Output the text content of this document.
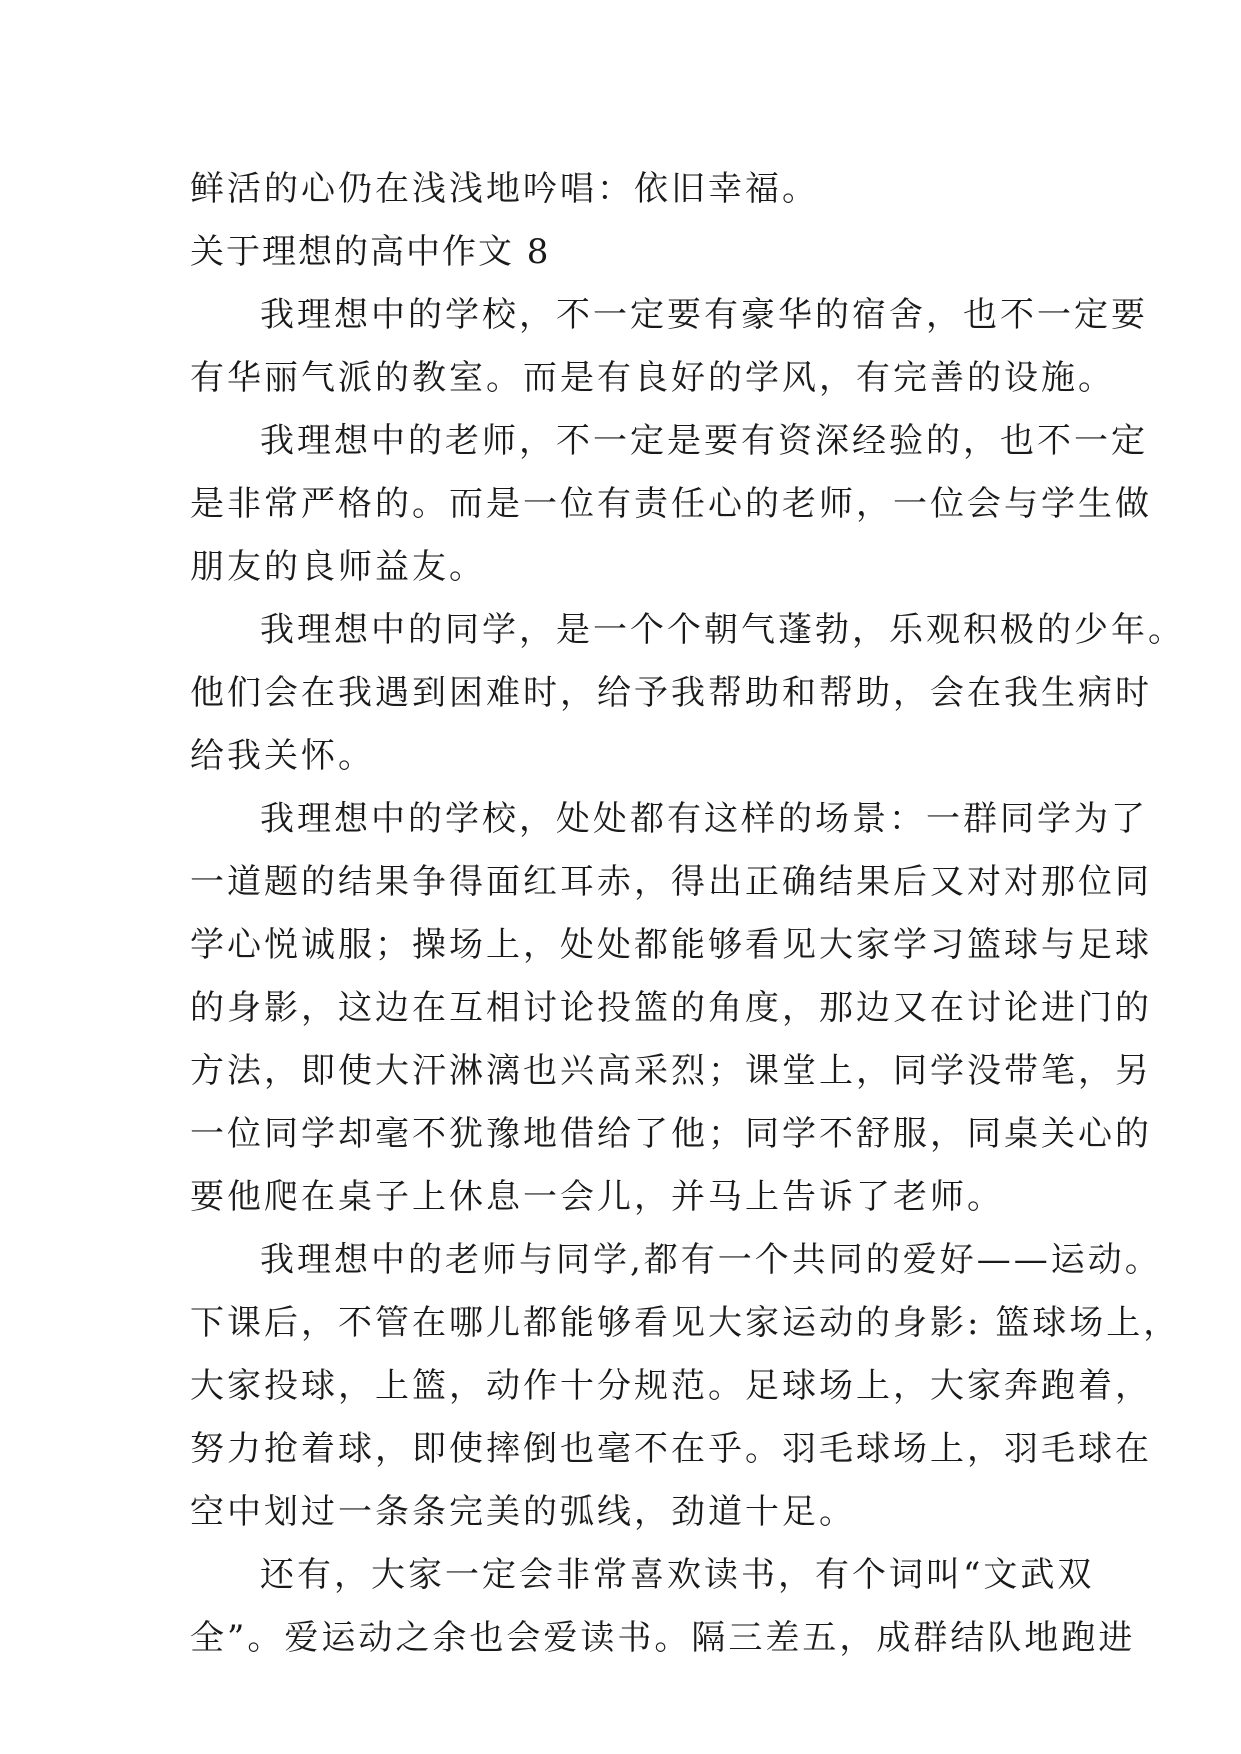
鲜活的心仍在浅浅地吟唱：依旧幸福。
关于理想的高中作文 8
我理想中的学校，不一定要有豪华的宿舍，也不一定要
有华丽气派的教室。而是有良好的学风，有完善的设施。
我理想中的老师，不一定是要有资深经验的，也不一定
是非常严格的。而是一位有责任心的老师，一位会与学生做
朋友的良师益友。
我理想中的同学，是一个个朝气蓬勃，乐观积极的少年。
他们会在我遇到困难时，给予我帮助和帮助，会在我生病时
给我关怀。
我理想中的学校，处处都有这样的场景：一群同学为了
一道题的结果争得面红耳赤，得出正确结果后又对对那位同
学心悦诚服；操场上，处处都能够看见大家学习篮球与足球
的身影，这边在互相讨论投篮的角度，那边又在讨论进门的
方法，即使大汗淋漓也兴高采烈；课堂上，同学没带笔，另
一位同学却毫不犹豫地借给了他；同学不舒服，同桌关心的
要他爬在桌子上休息一会儿，并马上告诉了老师。
我理想中的老师与同学,都有一个共同的爱好——运动。
下课后，不管在哪儿都能够看见大家运动的身影: 篮球场上，
大家投球，上篮，动作十分规范。足球场上，大家奔跑着，
努力抢着球，即使摔倒也毫不在乎。羽毛球场上，羽毛球在
空中划过一条条完美的弧线，劲道十足。
还有，大家一定会非常喜欢读书，有个词叫“文武双
全”。爱运动之余也会爱读书。隔三差五，成群结队地跑进
